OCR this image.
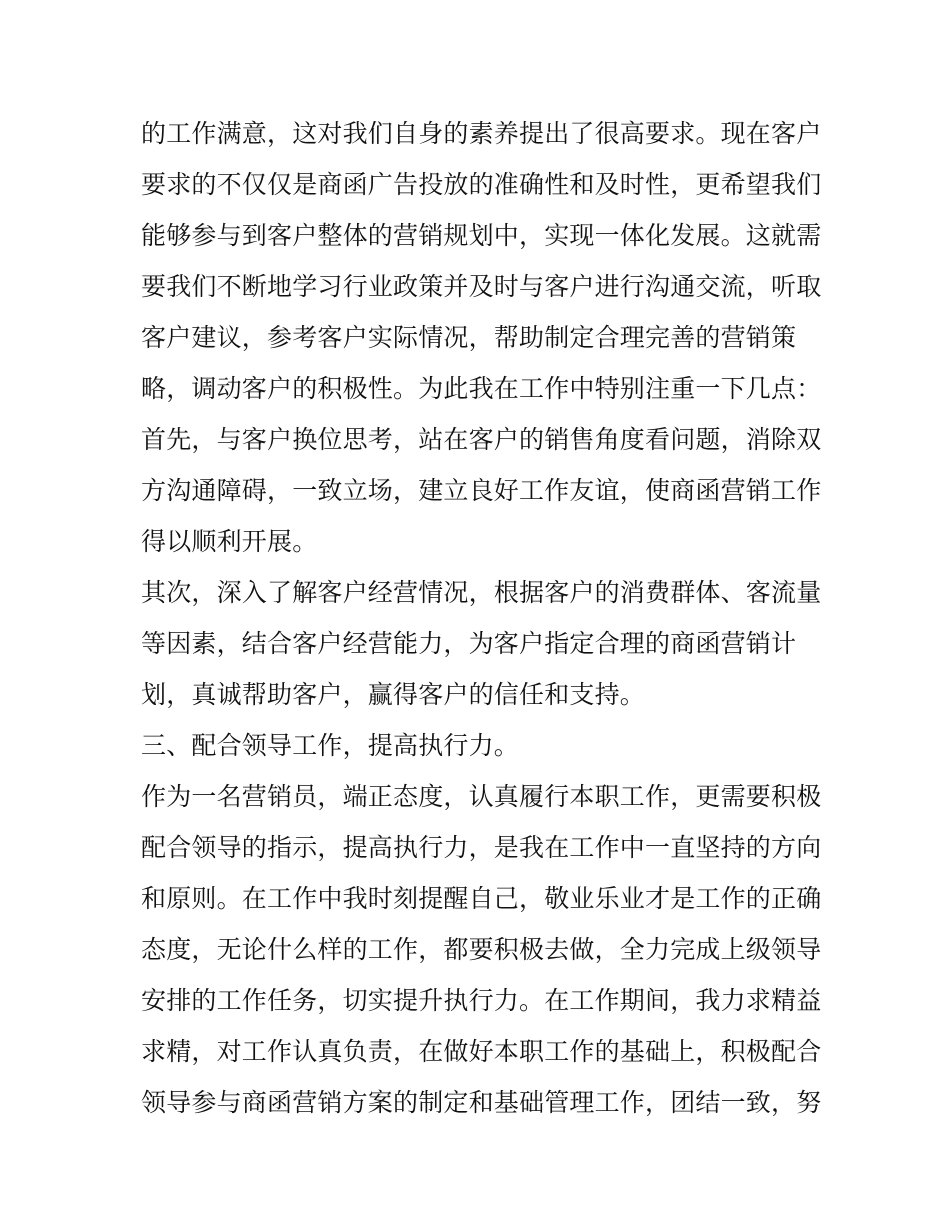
的工作满意，这对我们自身的素养提出了很高要求。现在客户
要求的不仅仅是商函广告投放的准确性和及时性，更希望我们
能够参与到客户整体的营销规划中，实现一体化发展。这就需
要我们不断地学习行业政策并及时与客户进行沟通交流，听取
客户建议，参考客户实际情况，帮助制定合理完善的营销策
略，调动客户的积极性。为此我在工作中特别注重一下几点：
首先，与客户换位思考，站在客户的销售角度看问题，消除双
方沟通障碍，一致立场，建立良好工作友谊，使商函营销工作
得以顺利开展。
其次，深入了解客户经营情况，根据客户的消费群体、客流量
等因素，结合客户经营能力，为客户指定合理的商函营销计
划，真诚帮助客户，赢得客户的信任和支持。
三、配合领导工作，提高执行力。
作为一名营销员，端正态度，认真履行本职工作，更需要积极
配合领导的指示，提高执行力，是我在工作中一直坚持的方向
和原则。在工作中我时刻提醒自己，敬业乐业才是工作的正确
态度，无论什么样的工作，都要积极去做，全力完成上级领导
安排的工作任务，切实提升执行力。在工作期间，我力求精益
求精，对工作认真负责，在做好本职工作的基础上，积极配合
领导参与商函营销方案的制定和基础管理工作，团结一致，努
